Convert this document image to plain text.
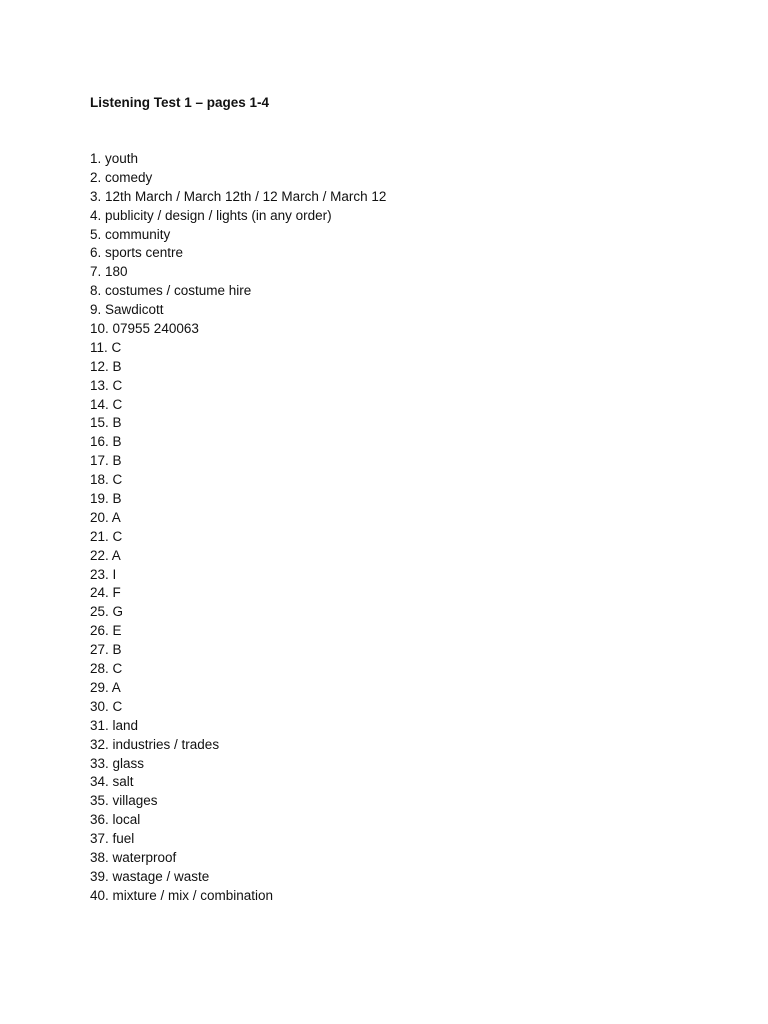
Listening Test 1 – pages 1-4
1. youth
2. comedy
3. 12th March / March 12th / 12 March / March 12
4. publicity / design / lights (in any order)
5. community
6. sports centre
7. 180
8. costumes / costume hire
9. Sawdicott
10. 07955 240063
11. C
12. B
13. C
14. C
15. B
16. B
17. B
18. C
19. B
20. A
21. C
22. A
23. I
24. F
25. G
26. E
27. B
28. C
29. A
30. C
31. land
32. industries / trades
33. glass
34. salt
35. villages
36. local
37. fuel
38. waterproof
39. wastage / waste
40. mixture / mix / combination
